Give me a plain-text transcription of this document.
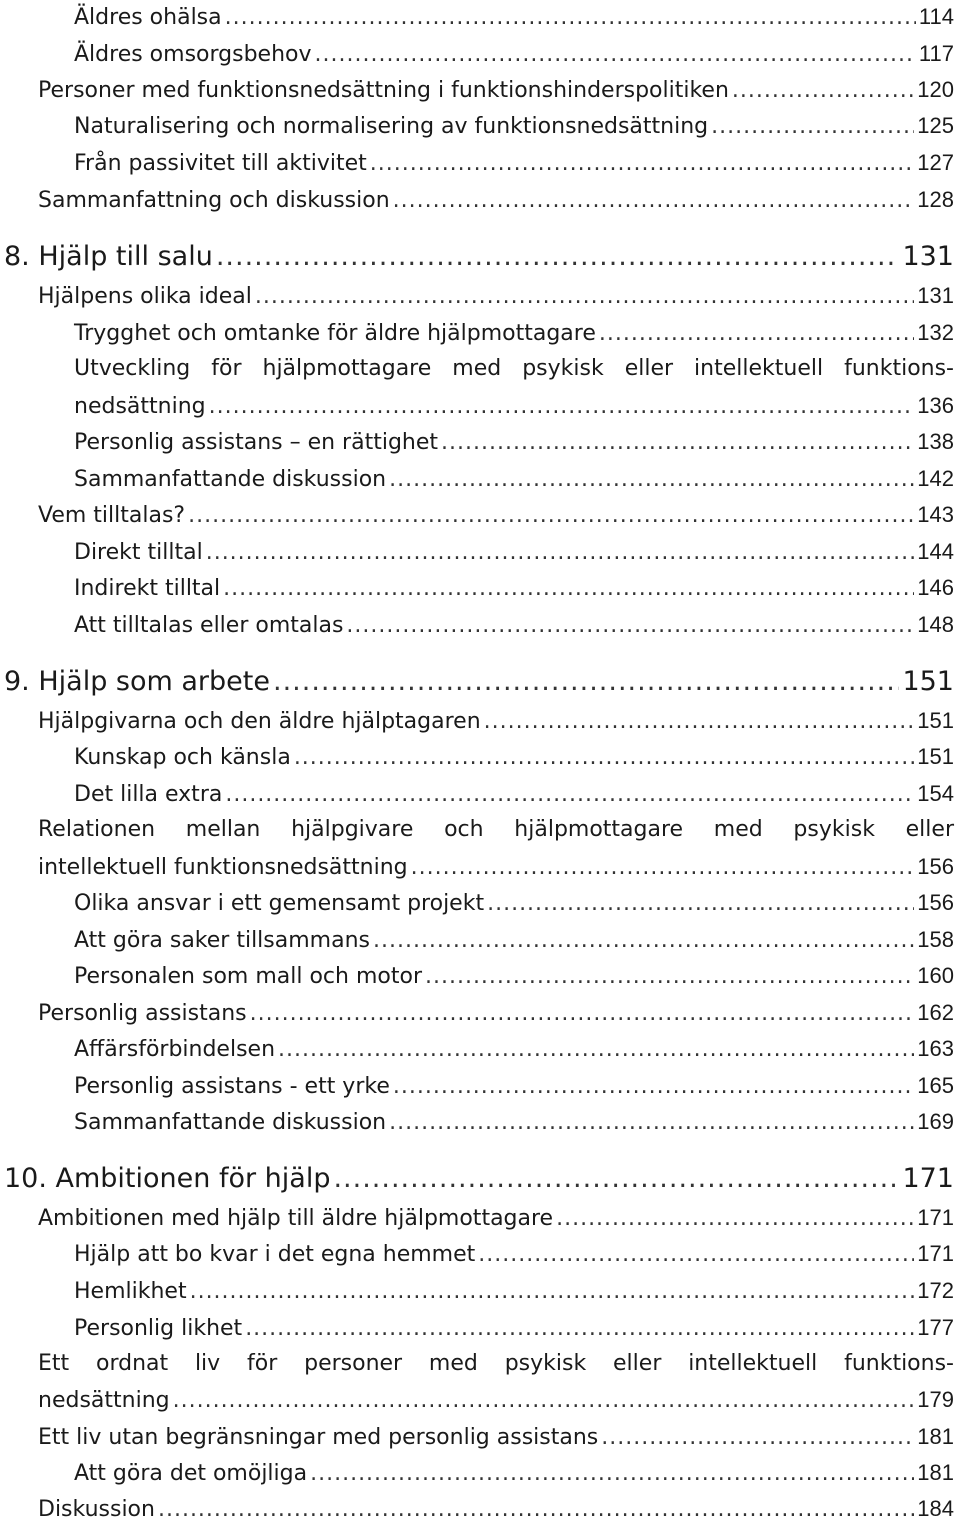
Äldres ohälsa .....	114
Äldres omsorgsbehov .....	117
Personer med funktionsnedsättning i funktionshinderspolitiken .....	120
Naturalisering och normalisering av funktionsnedsättning .....	125
Från passivitet till aktivitet .....	127
Sammanfattning och diskussion .....	128
8. Hjälp till salu .....	131
Hjälpens olika ideal .....	131
Trygghet och omtanke för äldre hjälpmottagare .....	132
Utveckling för hjälpmottagare med psykisk eller intellektuell funktions-
nedsättning .....	136
Personlig assistans – en rättighet .....	138
Sammanfattande diskussion .....	142
Vem tilltalas? .....	143
Direkt tilltal .....	144
Indirekt tilltal .....	146
Att tilltalas eller omtalas .....	148
9. Hjälp som arbete .....	151
Hjälpgivarna och den äldre hjälptagaren .....	151
Kunskap och känsla .....	151
Det lilla extra .....	154
Relationen mellan hjälpgivare och hjälpmottagare med psykisk eller
intellektuell funktionsnedsättning .....	156
Olika ansvar i ett gemensamt projekt .....	156
Att göra saker tillsammans .....	158
Personalen som mall och motor .....	160
Personlig assistans .....	162
Affärsförbindelsen .....	163
Personlig assistans - ett yrke .....	165
Sammanfattande diskussion .....	169
10. Ambitionen för hjälp .....	171
Ambitionen med hjälp till äldre hjälpmottagare .....	171
Hjälp att bo kvar i det egna hemmet .....	171
Hemlikhet .....	172
Personlig likhet .....	177
Ett ordnat liv för personer med psykisk eller intellektuell funktions-
nedsättning .....	179
Ett liv utan begränsningar med personlig assistans .....	181
Att göra det omöjliga .....	181
Diskussion .....	184
